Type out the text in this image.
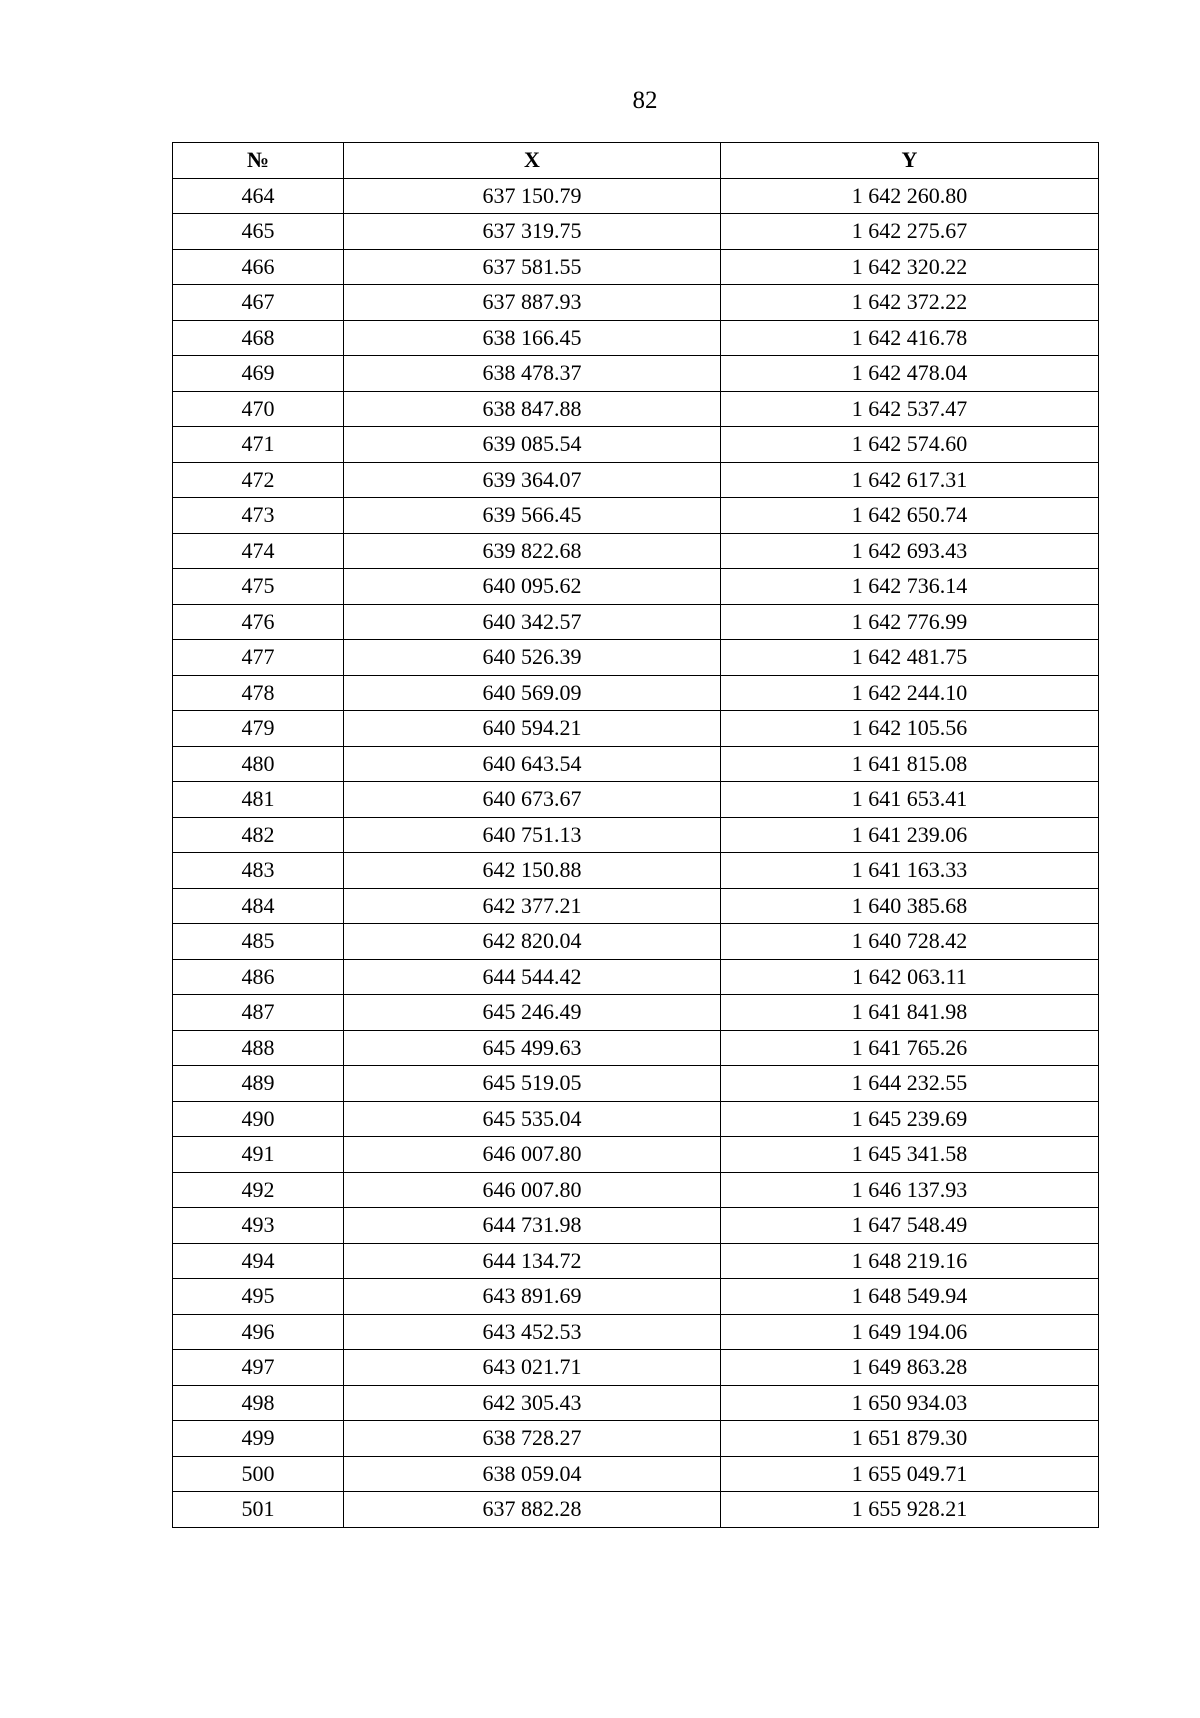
82
№	X	Y
464	637 150.79	1 642 260.80
465	637 319.75	1 642 275.67
466	637 581.55	1 642 320.22
467	637 887.93	1 642 372.22
468	638 166.45	1 642 416.78
469	638 478.37	1 642 478.04
470	638 847.88	1 642 537.47
471	639 085.54	1 642 574.60
472	639 364.07	1 642 617.31
473	639 566.45	1 642 650.74
474	639 822.68	1 642 693.43
475	640 095.62	1 642 736.14
476	640 342.57	1 642 776.99
477	640 526.39	1 642 481.75
478	640 569.09	1 642 244.10
479	640 594.21	1 642 105.56
480	640 643.54	1 641 815.08
481	640 673.67	1 641 653.41
482	640 751.13	1 641 239.06
483	642 150.88	1 641 163.33
484	642 377.21	1 640 385.68
485	642 820.04	1 640 728.42
486	644 544.42	1 642 063.11
487	645 246.49	1 641 841.98
488	645 499.63	1 641 765.26
489	645 519.05	1 644 232.55
490	645 535.04	1 645 239.69
491	646 007.80	1 645 341.58
492	646 007.80	1 646 137.93
493	644 731.98	1 647 548.49
494	644 134.72	1 648 219.16
495	643 891.69	1 648 549.94
496	643 452.53	1 649 194.06
497	643 021.71	1 649 863.28
498	642 305.43	1 650 934.03
499	638 728.27	1 651 879.30
500	638 059.04	1 655 049.71
501	637 882.28	1 655 928.21
